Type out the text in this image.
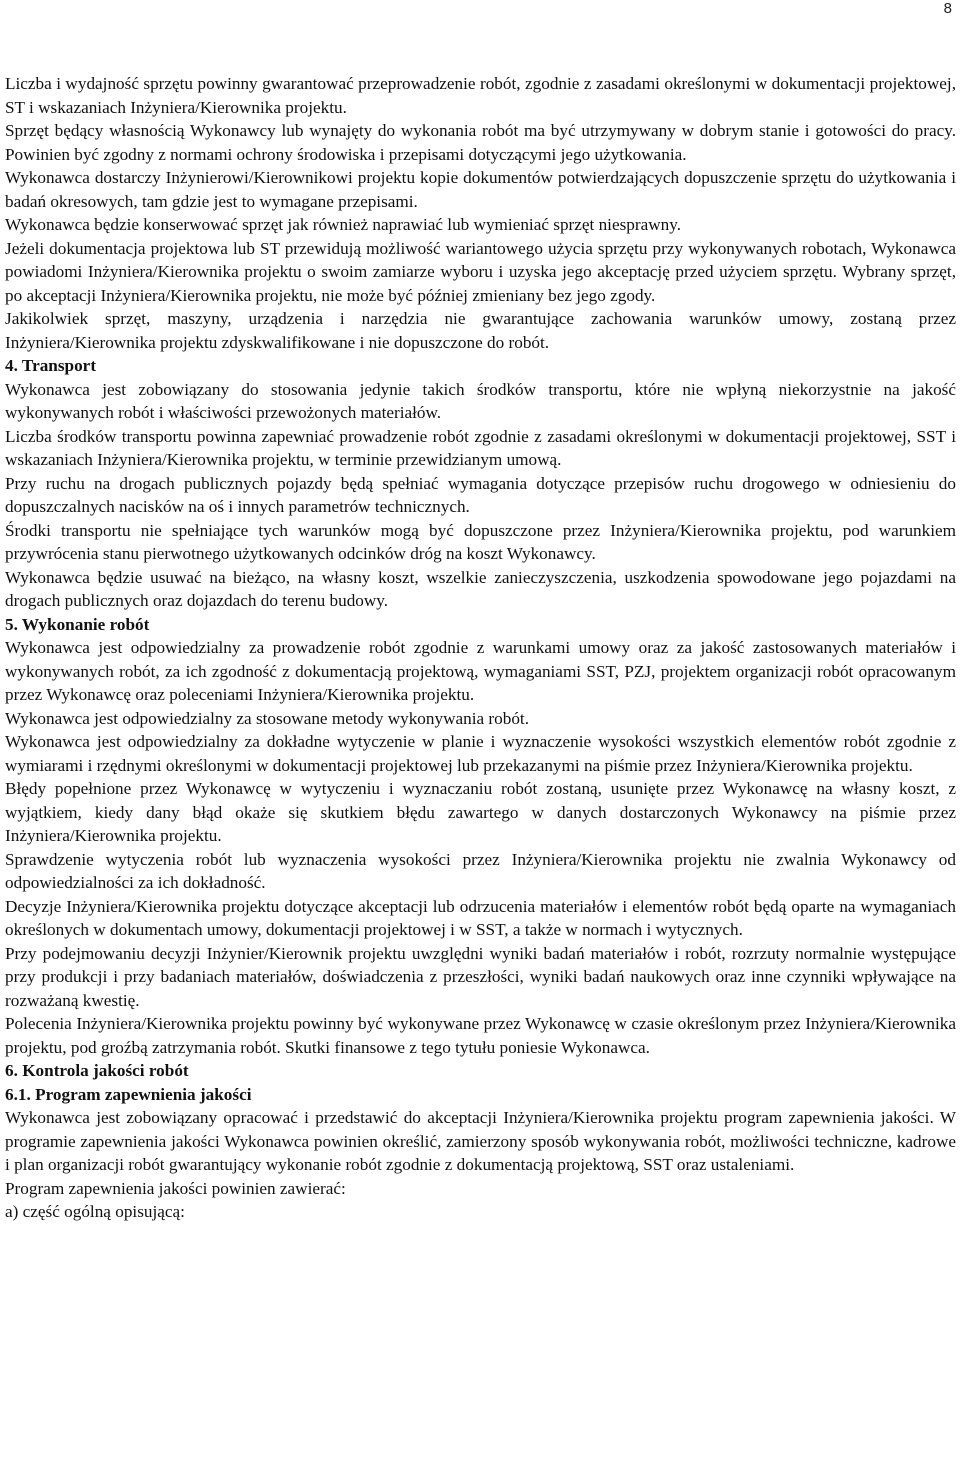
8

Liczba i wydajność sprzętu powinny gwarantować przeprowadzenie robót, zgodnie z zasadami określonymi w dokumentacji projektowej, ST i wskazaniach Inżyniera/Kierownika projektu.

Sprzęt będący własnością Wykonawcy lub wynajęty do wykonania robót ma być utrzymywany w dobrym stanie i gotowości do pracy. Powinien być zgodny z normami ochrony środowiska i przepisami dotyczącymi jego użytkowania.

Wykonawca dostarczy Inżynierowi/Kierownikowi projektu kopie dokumentów potwierdzających dopuszczenie sprzętu do użytkowania i badań okresowych, tam gdzie jest to wymagane przepisami.

Wykonawca będzie konserwować sprzęt jak również naprawiać lub wymieniać sprzęt niesprawny.

Jeżeli dokumentacja projektowa lub ST przewidują możliwość wariantowego użycia sprzętu przy wykonywanych robotach, Wykonawca powiadomi Inżyniera/Kierownika projektu o swoim zamiarze wyboru i uzyska jego akceptację przed użyciem sprzętu. Wybrany sprzęt, po akceptacji Inżyniera/Kierownika projektu, nie może być później zmieniany bez jego zgody.

Jakikolwiek sprzęt, maszyny, urządzenia i narzędzia nie gwarantujące zachowania warunków umowy, zostaną przez Inżyniera/Kierownika projektu zdyskwalifikowane i nie dopuszczone do robót.

4. Transport

Wykonawca jest zobowiązany do stosowania jedynie takich środków transportu, które nie wpłyną niekorzystnie na jakość wykonywanych robót i właściwości przewożonych materiałów.

Liczba środków transportu powinna zapewniać prowadzenie robót zgodnie z zasadami określonymi w dokumentacji projektowej, SST i wskazaniach Inżyniera/Kierownika projektu, w terminie przewidzianym umową.

Przy ruchu na drogach publicznych pojazdy będą spełniać wymagania dotyczące przepisów ruchu drogowego w odniesieniu do dopuszczalnych nacisków na oś i innych parametrów technicznych.

Środki transportu nie spełniające tych warunków mogą być dopuszczone przez Inżyniera/Kierownika projektu, pod warunkiem przywrócenia stanu pierwotnego użytkowanych odcinków dróg na koszt Wykonawcy.

Wykonawca będzie usuwać na bieżąco, na własny koszt, wszelkie zanieczyszczenia, uszkodzenia spowodowane jego pojazdami na drogach publicznych oraz dojazdach do terenu budowy.

5. Wykonanie robót

Wykonawca jest odpowiedzialny za prowadzenie robót zgodnie z warunkami umowy oraz za jakość zastosowanych materiałów i wykonywanych robót, za ich zgodność z dokumentacją projektową, wymaganiami SST, PZJ, projektem organizacji robót opracowanym przez Wykonawcę oraz poleceniami Inżyniera/Kierownika projektu.

Wykonawca jest odpowiedzialny za stosowane metody wykonywania robót.

Wykonawca jest odpowiedzialny za dokładne wytyczenie w planie i wyznaczenie wysokości wszystkich elementów robót zgodnie z wymiarami i rzędnymi określonymi w dokumentacji projektowej lub przekazanymi na piśmie przez Inżyniera/Kierownika projektu.

Błędy popełnione przez Wykonawcę w wytyczeniu i wyznaczaniu robót zostaną, usunięte przez Wykonawcę na własny koszt, z wyjątkiem, kiedy dany błąd okaże się skutkiem błędu zawartego w danych dostarczonych Wykonawcy na piśmie przez Inżyniera/Kierownika projektu.

Sprawdzenie wytyczenia robót lub wyznaczenia wysokości przez Inżyniera/Kierownika projektu nie zwalnia Wykonawcy od odpowiedzialności za ich dokładność.

Decyzje Inżyniera/Kierownika projektu dotyczące akceptacji lub odrzucenia materiałów i elementów robót będą oparte na wymaganiach określonych w dokumentach umowy, dokumentacji projektowej i w SST, a także w normach i wytycznych.

Przy podejmowaniu decyzji Inżynier/Kierownik projektu uwzględni wyniki badań materiałów i robót, rozrzuty normalnie występujące przy produkcji i przy badaniach materiałów, doświadczenia z przeszłości, wyniki badań naukowych oraz inne czynniki wpływające na rozważaną kwestię.

Polecenia Inżyniera/Kierownika projektu powinny być wykonywane przez Wykonawcę w czasie określonym przez Inżyniera/Kierownika projektu, pod groźbą zatrzymania robót. Skutki finansowe z tego tytułu poniesie Wykonawca.

6. Kontrola jakości robót
6.1. Program zapewnienia jakości

Wykonawca jest zobowiązany opracować i przedstawić do akceptacji Inżyniera/Kierownika projektu program zapewnienia jakości. W programie zapewnienia jakości Wykonawca powinien określić, zamierzony sposób wykonywania robót, możliwości techniczne, kadrowe i plan organizacji robót gwarantujący wykonanie robót zgodnie z dokumentacją projektową, SST oraz ustaleniami.

Program zapewnienia jakości powinien zawierać:

a) część ogólną opisującą:
